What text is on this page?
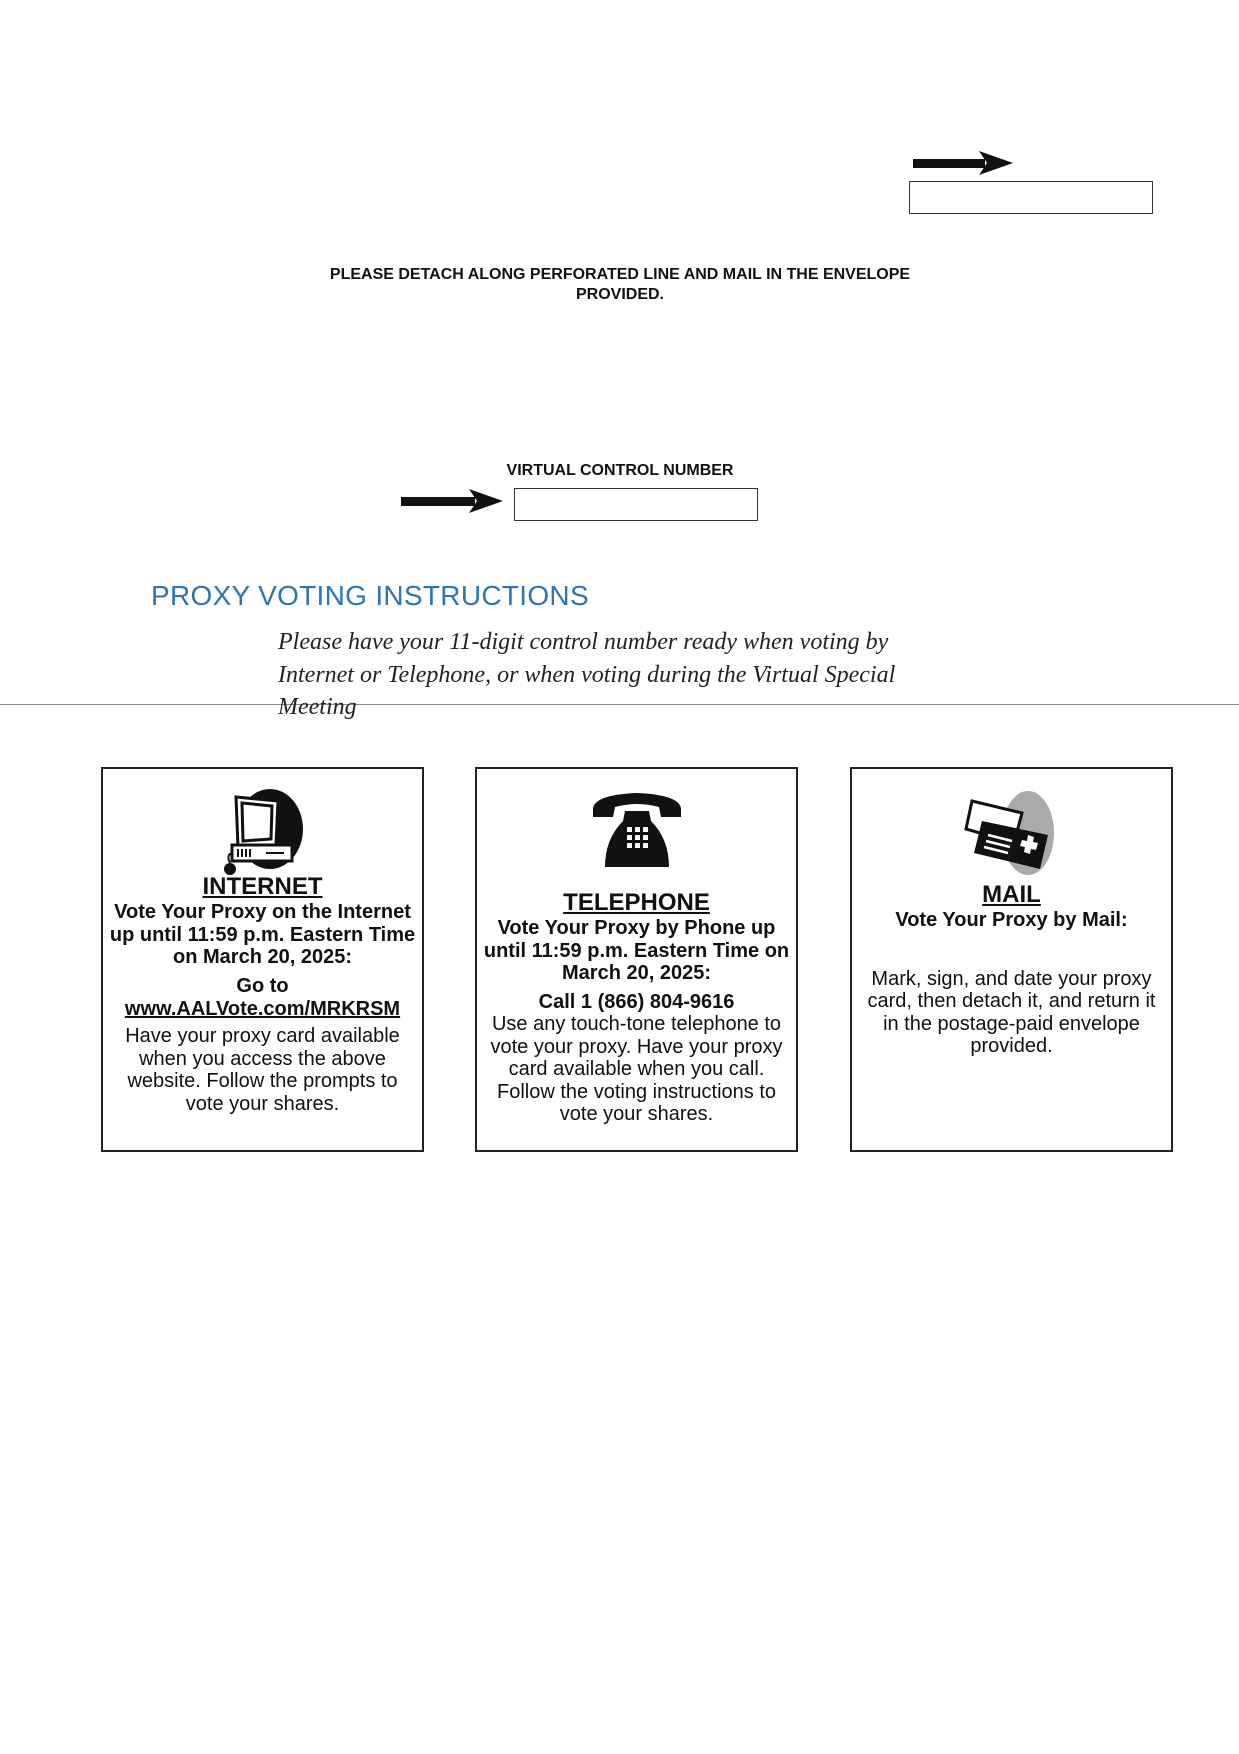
PLEASE DETACH ALONG PERFORATED LINE AND MAIL IN THE ENVELOPE PROVIDED.
VIRTUAL CONTROL NUMBER
PROXY VOTING INSTRUCTIONS
Please have your 11-digit control number ready when voting by Internet or Telephone, or when voting during the Virtual Special Meeting
INTERNET
Vote Your Proxy on the Internet up until 11:59 p.m. Eastern Time on March 20, 2025:
Go to
www.AALVote.com/MRKRSM
Have your proxy card available when you access the above website. Follow the prompts to vote your shares.
TELEPHONE
Vote Your Proxy by Phone up until 11:59 p.m. Eastern Time on March 20, 2025:
Call 1 (866) 804-9616
Use any touch-tone telephone to vote your proxy. Have your proxy card available when you call. Follow the voting instructions to vote your shares.
MAIL
Vote Your Proxy by Mail:
Mark, sign, and date your proxy card, then detach it, and return it in the postage-paid envelope provided.
